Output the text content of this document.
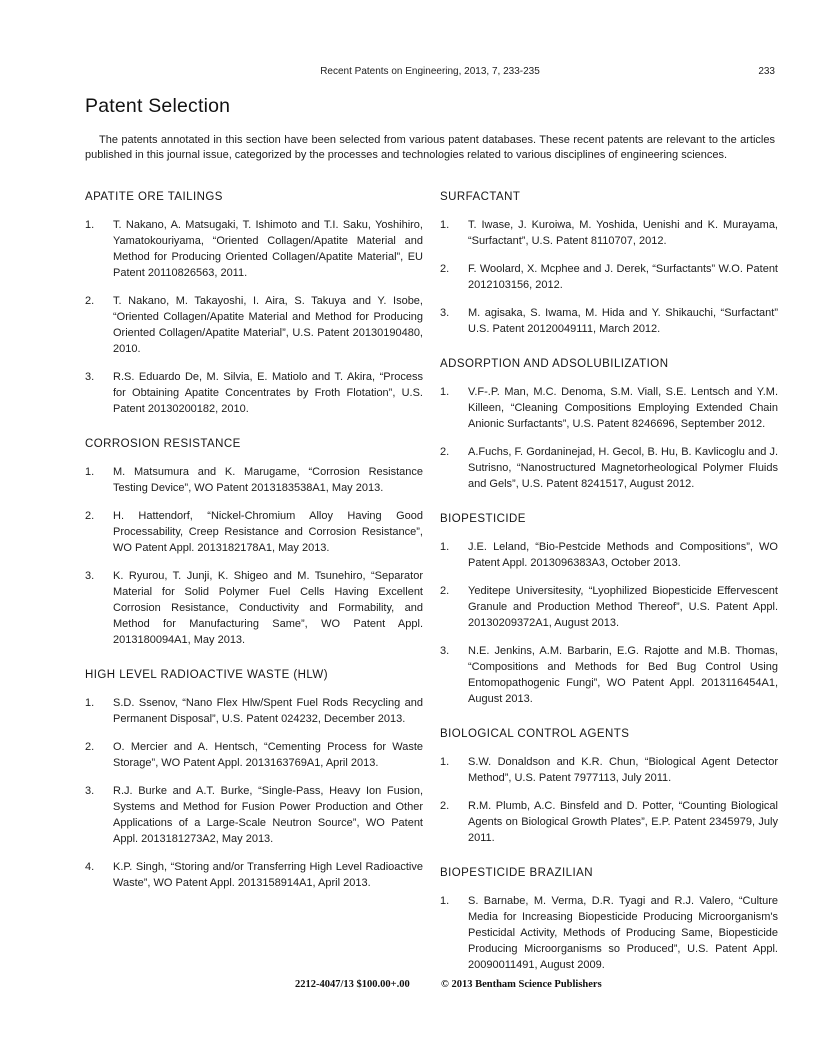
Recent Patents on Engineering, 2013, 7, 233-235	233
Patent Selection

The patents annotated in this section have been selected from various patent databases. These recent patents are relevant to the articles published in this journal issue, categorized by the processes and technologies related to various disciplines of engineering sciences.

APATITE ORE TAILINGS
1.	T. Nakano, A. Matsugaki, T. Ishimoto and T.I. Saku, Yoshihiro, Yamatokouriyama, “Oriented Collagen/Apatite Material and Method for Producing Oriented Collagen/Apatite Material”, EU Patent 20110826563, 2011.
2.	T. Nakano, M. Takayoshi, I. Aira, S. Takuya and Y. Isobe, “Oriented Collagen/Apatite Material and Method for Producing Oriented Collagen/Apatite Material”, U.S. Patent 20130190480, 2010.
3.	R.S. Eduardo De, M. Silvia, E. Matiolo and T. Akira, “Process for Obtaining Apatite Concentrates by Froth Flotation”, U.S. Patent 20130200182, 2010.
CORROSION RESISTANCE
1.	M. Matsumura and K. Marugame, “Corrosion Resistance Testing Device”, WO Patent 2013183538A1, May 2013.
2.	H. Hattendorf, “Nickel-Chromium Alloy Having Good Processability, Creep Resistance and Corrosion Resistance”, WO Patent Appl. 2013182178A1, May 2013.
3.	K. Ryurou, T. Junji, K. Shigeo and M. Tsunehiro, “Separator Material for Solid Polymer Fuel Cells Having Excellent Corrosion Resistance, Conductivity and Formability, and Method for Manufacturing Same”, WO Patent Appl. 2013180094A1, May 2013.
HIGH LEVEL RADIOACTIVE WASTE (HLW)
1.	S.D. Ssenov, “Nano Flex Hlw/Spent Fuel Rods Recycling and Permanent Disposal”, U.S. Patent 024232, December 2013.
2.	O. Mercier and A. Hentsch, “Cementing Process for Waste Storage”, WO Patent Appl. 2013163769A1, April 2013.
3.	R.J. Burke and A.T. Burke, “Single-Pass, Heavy Ion Fusion, Systems and Method for Fusion Power Production and Other Applications of a Large-Scale Neutron Source”, WO Patent Appl. 2013181273A2, May 2013.
4.	K.P. Singh, “Storing and/or Transferring High Level Radioactive Waste”, WO Patent Appl. 2013158914A1, April 2013.
SURFACTANT
1.	T. Iwase, J. Kuroiwa, M. Yoshida, Uenishi and K. Murayama, “Surfactant”, U.S. Patent 8110707, 2012.
2.	F. Woolard, X. Mcphee and J. Derek, “Surfactants” W.O. Patent 2012103156, 2012.
3.	M. agisaka, S. Iwama, M. Hida and Y. Shikauchi, “Surfactant” U.S. Patent 20120049111, March 2012.
ADSORPTION AND ADSOLUBILIZATION
1.	V.F-.P. Man, M.C. Denoma, S.M. Viall, S.E. Lentsch and Y.M. Killeen, “Cleaning Compositions Employing Extended Chain Anionic Surfactants”, U.S. Patent 8246696, September 2012.
2.	A.Fuchs, F. Gordaninejad, H. Gecol, B. Hu, B. Kavlicoglu and J. Sutrisno, “Nanostructured Magnetorheological Polymer Fluids and Gels”, U.S. Patent 8241517, August 2012.
BIOPESTICIDE
1.	J.E. Leland, “Bio-Pestcide Methods and Compositions”, WO Patent Appl. 2013096383A3, October 2013.
2.	Yeditepe Universitesity, “Lyophilized Biopesticide Effervescent Granule and Production Method Thereof”, U.S. Patent Appl. 20130209372A1, August 2013.
3.	N.E. Jenkins, A.M. Barbarin, E.G. Rajotte and M.B. Thomas, “Compositions and Methods for Bed Bug Control Using Entomopathogenic Fungi”, WO Patent Appl. 2013116454A1, August 2013.
BIOLOGICAL CONTROL AGENTS
1.	S.W. Donaldson and K.R. Chun, “Biological Agent Detector Method”, U.S. Patent 7977113, July 2011.
2.	R.M. Plumb, A.C. Binsfeld and D. Potter, “Counting Biological Agents on Biological Growth Plates”, E.P. Patent 2345979, July 2011.
BIOPESTICIDE BRAZILIAN
1.	S. Barnabe, M. Verma, D.R. Tyagi and R.J. Valero, “Culture Media for Increasing Biopesticide Producing Microorganism's Pesticidal Activity, Methods of Producing Same, Biopesticide Producing Microorganisms so Produced”, U.S. Patent Appl. 20090011491, August 2009.
2212-4047/13 $100.00+.00	© 2013 Bentham Science Publishers
